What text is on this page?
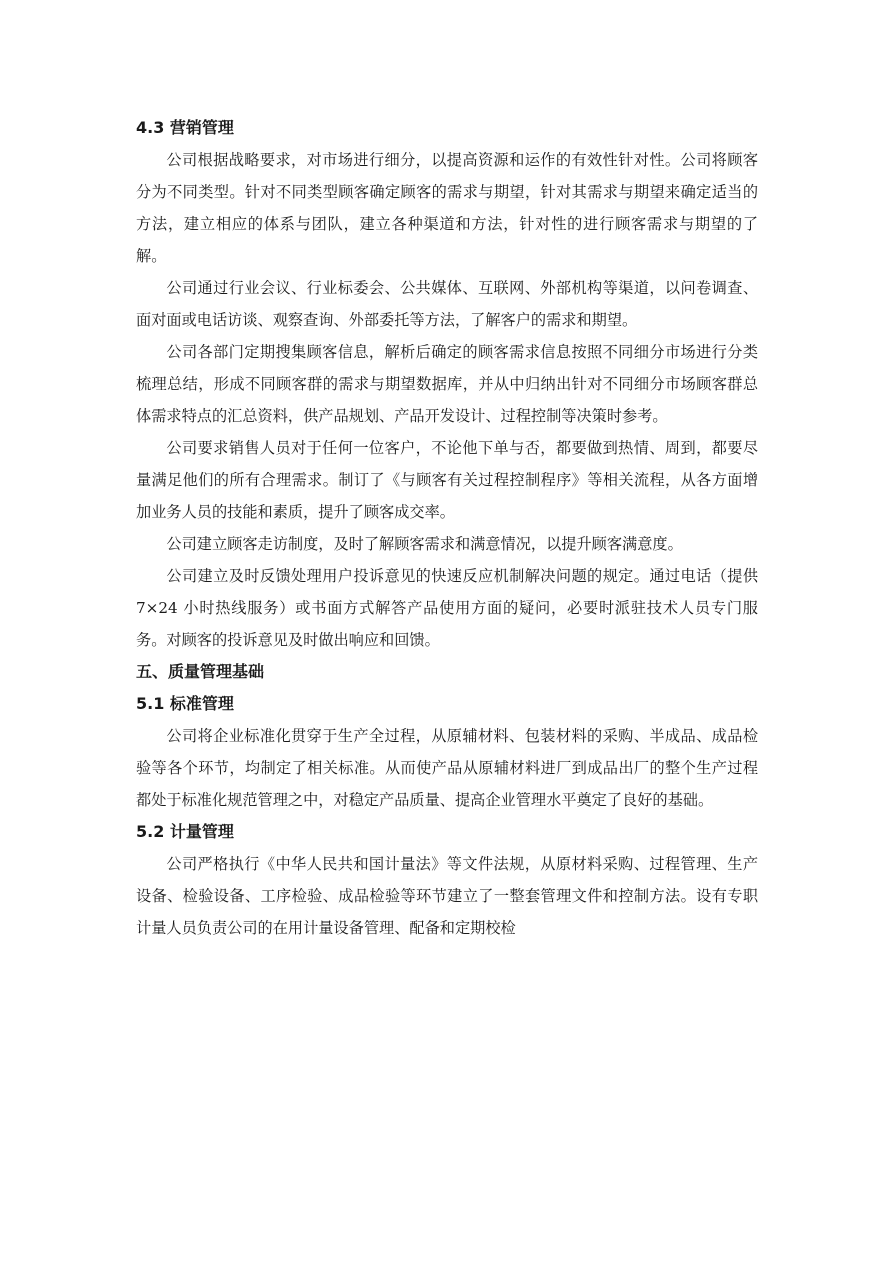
4.3 营销管理

公司根据战略要求，对市场进行细分，以提高资源和运作的有效性针对性。公司将顾客分为不同类型。针对不同类型顾客确定顾客的需求与期望，针对其需求与期望来确定适当的方法，建立相应的体系与团队，建立各种渠道和方法，针对性的进行顾客需求与期望的了解。

公司通过行业会议、行业标委会、公共媒体、互联网、外部机构等渠道，以问卷调查、面对面或电话访谈、观察查询、外部委托等方法，了解客户的需求和期望。

公司各部门定期搜集顾客信息，解析后确定的顾客需求信息按照不同细分市场进行分类梳理总结，形成不同顾客群的需求与期望数据库，并从中归纳出针对不同细分市场顾客群总体需求特点的汇总资料，供产品规划、产品开发设计、过程控制等决策时参考。

公司要求销售人员对于任何一位客户，不论他下单与否，都要做到热情、周到，都要尽量满足他们的所有合理需求。制订了《与顾客有关过程控制程序》等相关流程，从各方面增加业务人员的技能和素质，提升了顾客成交率。

公司建立顾客走访制度，及时了解顾客需求和满意情况，以提升顾客满意度。

公司建立及时反馈处理用户投诉意见的快速反应机制解决问题的规定。通过电话（提供 7×24 小时热线服务）或书面方式解答产品使用方面的疑问，必要时派驻技术人员专门服务。对顾客的投诉意见及时做出响应和回馈。

五、质量管理基础
5.1 标准管理

公司将企业标准化贯穿于生产全过程，从原辅材料、包装材料的采购、半成品、成品检验等各个环节，均制定了相关标准。从而使产品从原辅材料进厂到成品出厂的整个生产过程都处于标准化规范管理之中，对稳定产品质量、提高企业管理水平奠定了良好的基础。

5.2 计量管理

公司严格执行《中华人民共和国计量法》等文件法规，从原材料采购、过程管理、生产设备、检验设备、工序检验、成品检验等环节建立了一整套管理文件和控制方法。设有专职计量人员负责公司的在用计量设备管理、配备和定期校检
